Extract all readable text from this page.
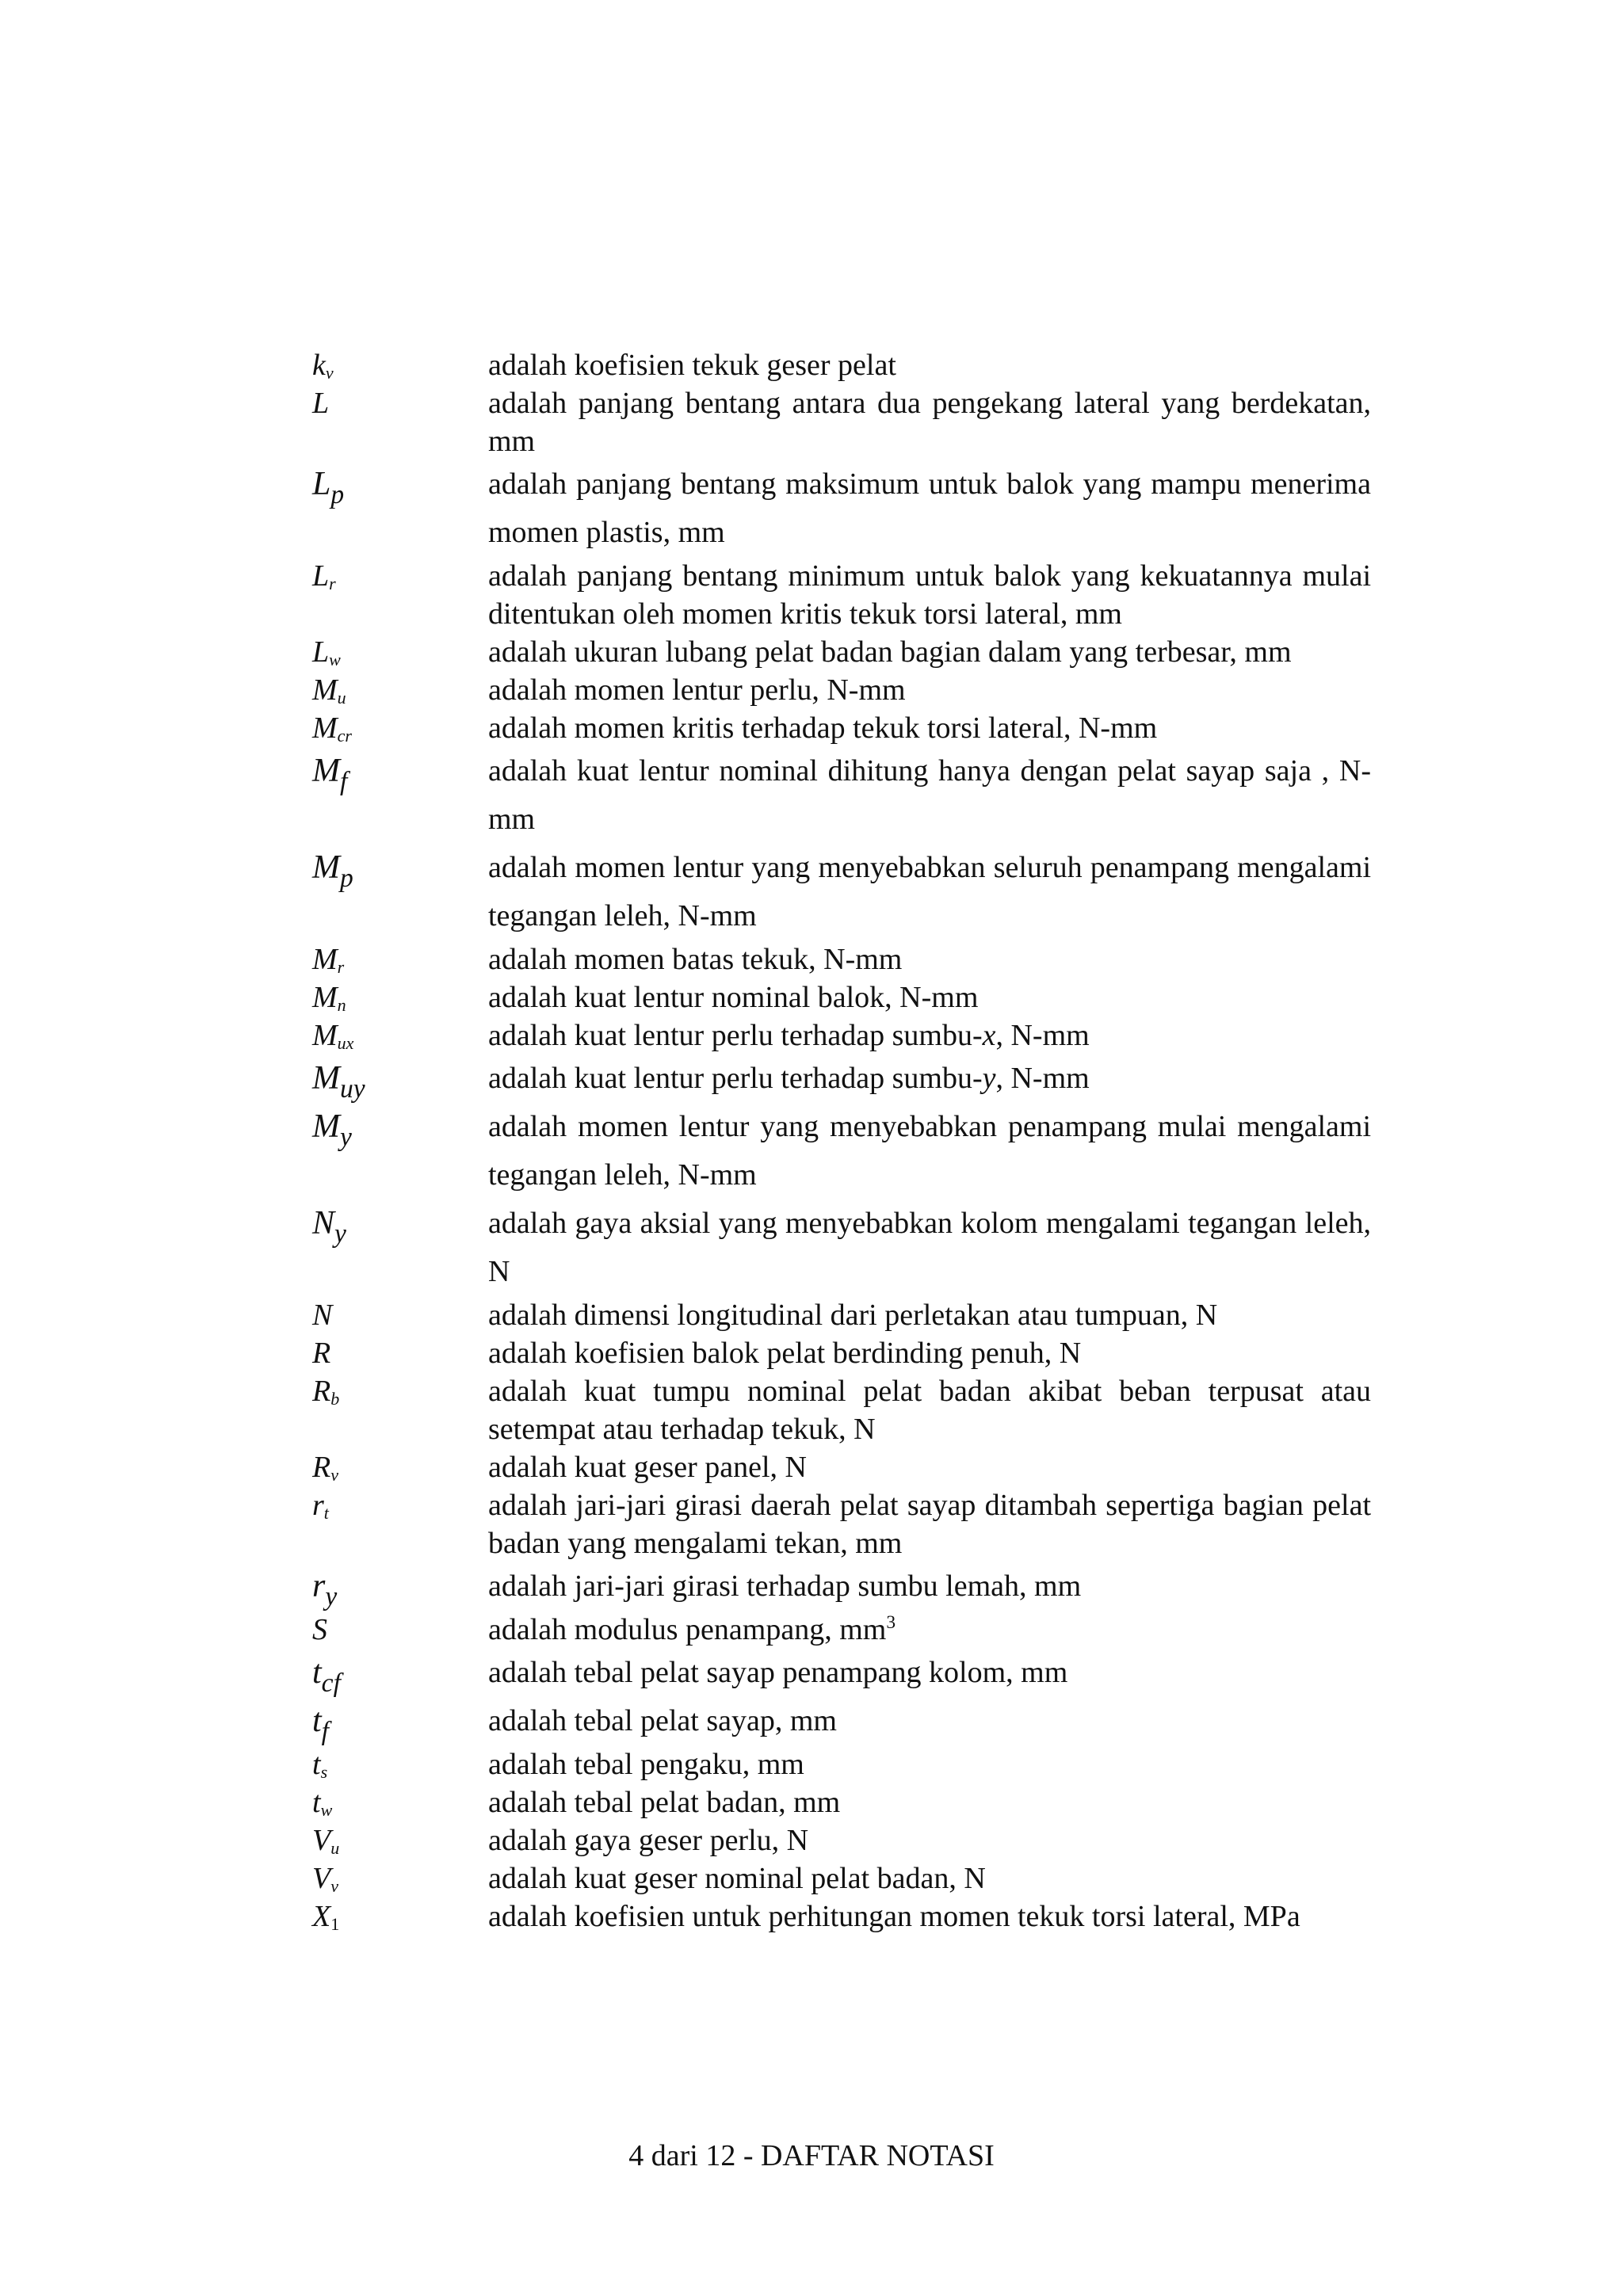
$k_v$	adalah koefisien tekuk geser pelat
L	adalah panjang bentang antara dua pengekang lateral yang berdekatan, mm
$L_p$	adalah panjang bentang maksimum untuk balok yang mampu menerima momen plastis, mm
$L_r$	adalah panjang bentang minimum untuk balok yang kekuatannya mulai ditentukan oleh momen kritis tekuk torsi lateral, mm
$L_w$	adalah ukuran lubang pelat badan bagian dalam yang terbesar, mm
$M_u$	adalah momen lentur perlu, N-mm
$M_{cr}$	adalah momen kritis terhadap tekuk torsi lateral, N-mm
$M_f$	adalah kuat lentur nominal dihitung hanya dengan pelat sayap saja , N-mm
$M_p$	adalah momen lentur yang menyebabkan seluruh penampang mengalami tegangan leleh, N-mm
$M_r$	adalah momen batas tekuk, N-mm
$M_n$	adalah kuat lentur nominal balok, N-mm
$M_{ux}$	adalah kuat lentur perlu terhadap sumbu-x, N-mm
$M_{uy}$	adalah kuat lentur perlu terhadap sumbu-y, N-mm
$M_y$	adalah momen lentur yang menyebabkan penampang mulai mengalami tegangan leleh, N-mm
$N_y$	adalah gaya aksial yang menyebabkan kolom mengalami tegangan leleh, N
N	adalah dimensi longitudinal dari perletakan atau tumpuan, N
R	adalah koefisien balok pelat berdinding penuh, N
$R_b$	adalah kuat tumpu nominal pelat badan akibat beban terpusat atau setempat atau terhadap tekuk, N
$R_v$	adalah kuat geser panel, N
$r_t$	adalah jari-jari girasi daerah pelat sayap ditambah sepertiga bagian pelat badan yang mengalami tekan, mm
$r_y$	adalah jari-jari girasi terhadap sumbu lemah, mm
S	adalah modulus penampang, $mm^3$
$t_{cf}$	adalah tebal pelat sayap penampang kolom, mm
$t_f$	adalah tebal pelat sayap, mm
$t_s$	adalah tebal pengaku, mm
$t_w$	adalah tebal pelat badan, mm
$V_u$	adalah gaya geser perlu, N
$V_v$	adalah kuat geser nominal pelat badan, N
$X_1$	adalah koefisien untuk perhitungan momen tekuk torsi lateral, MPa
4 dari 12 - DAFTAR NOTASI
